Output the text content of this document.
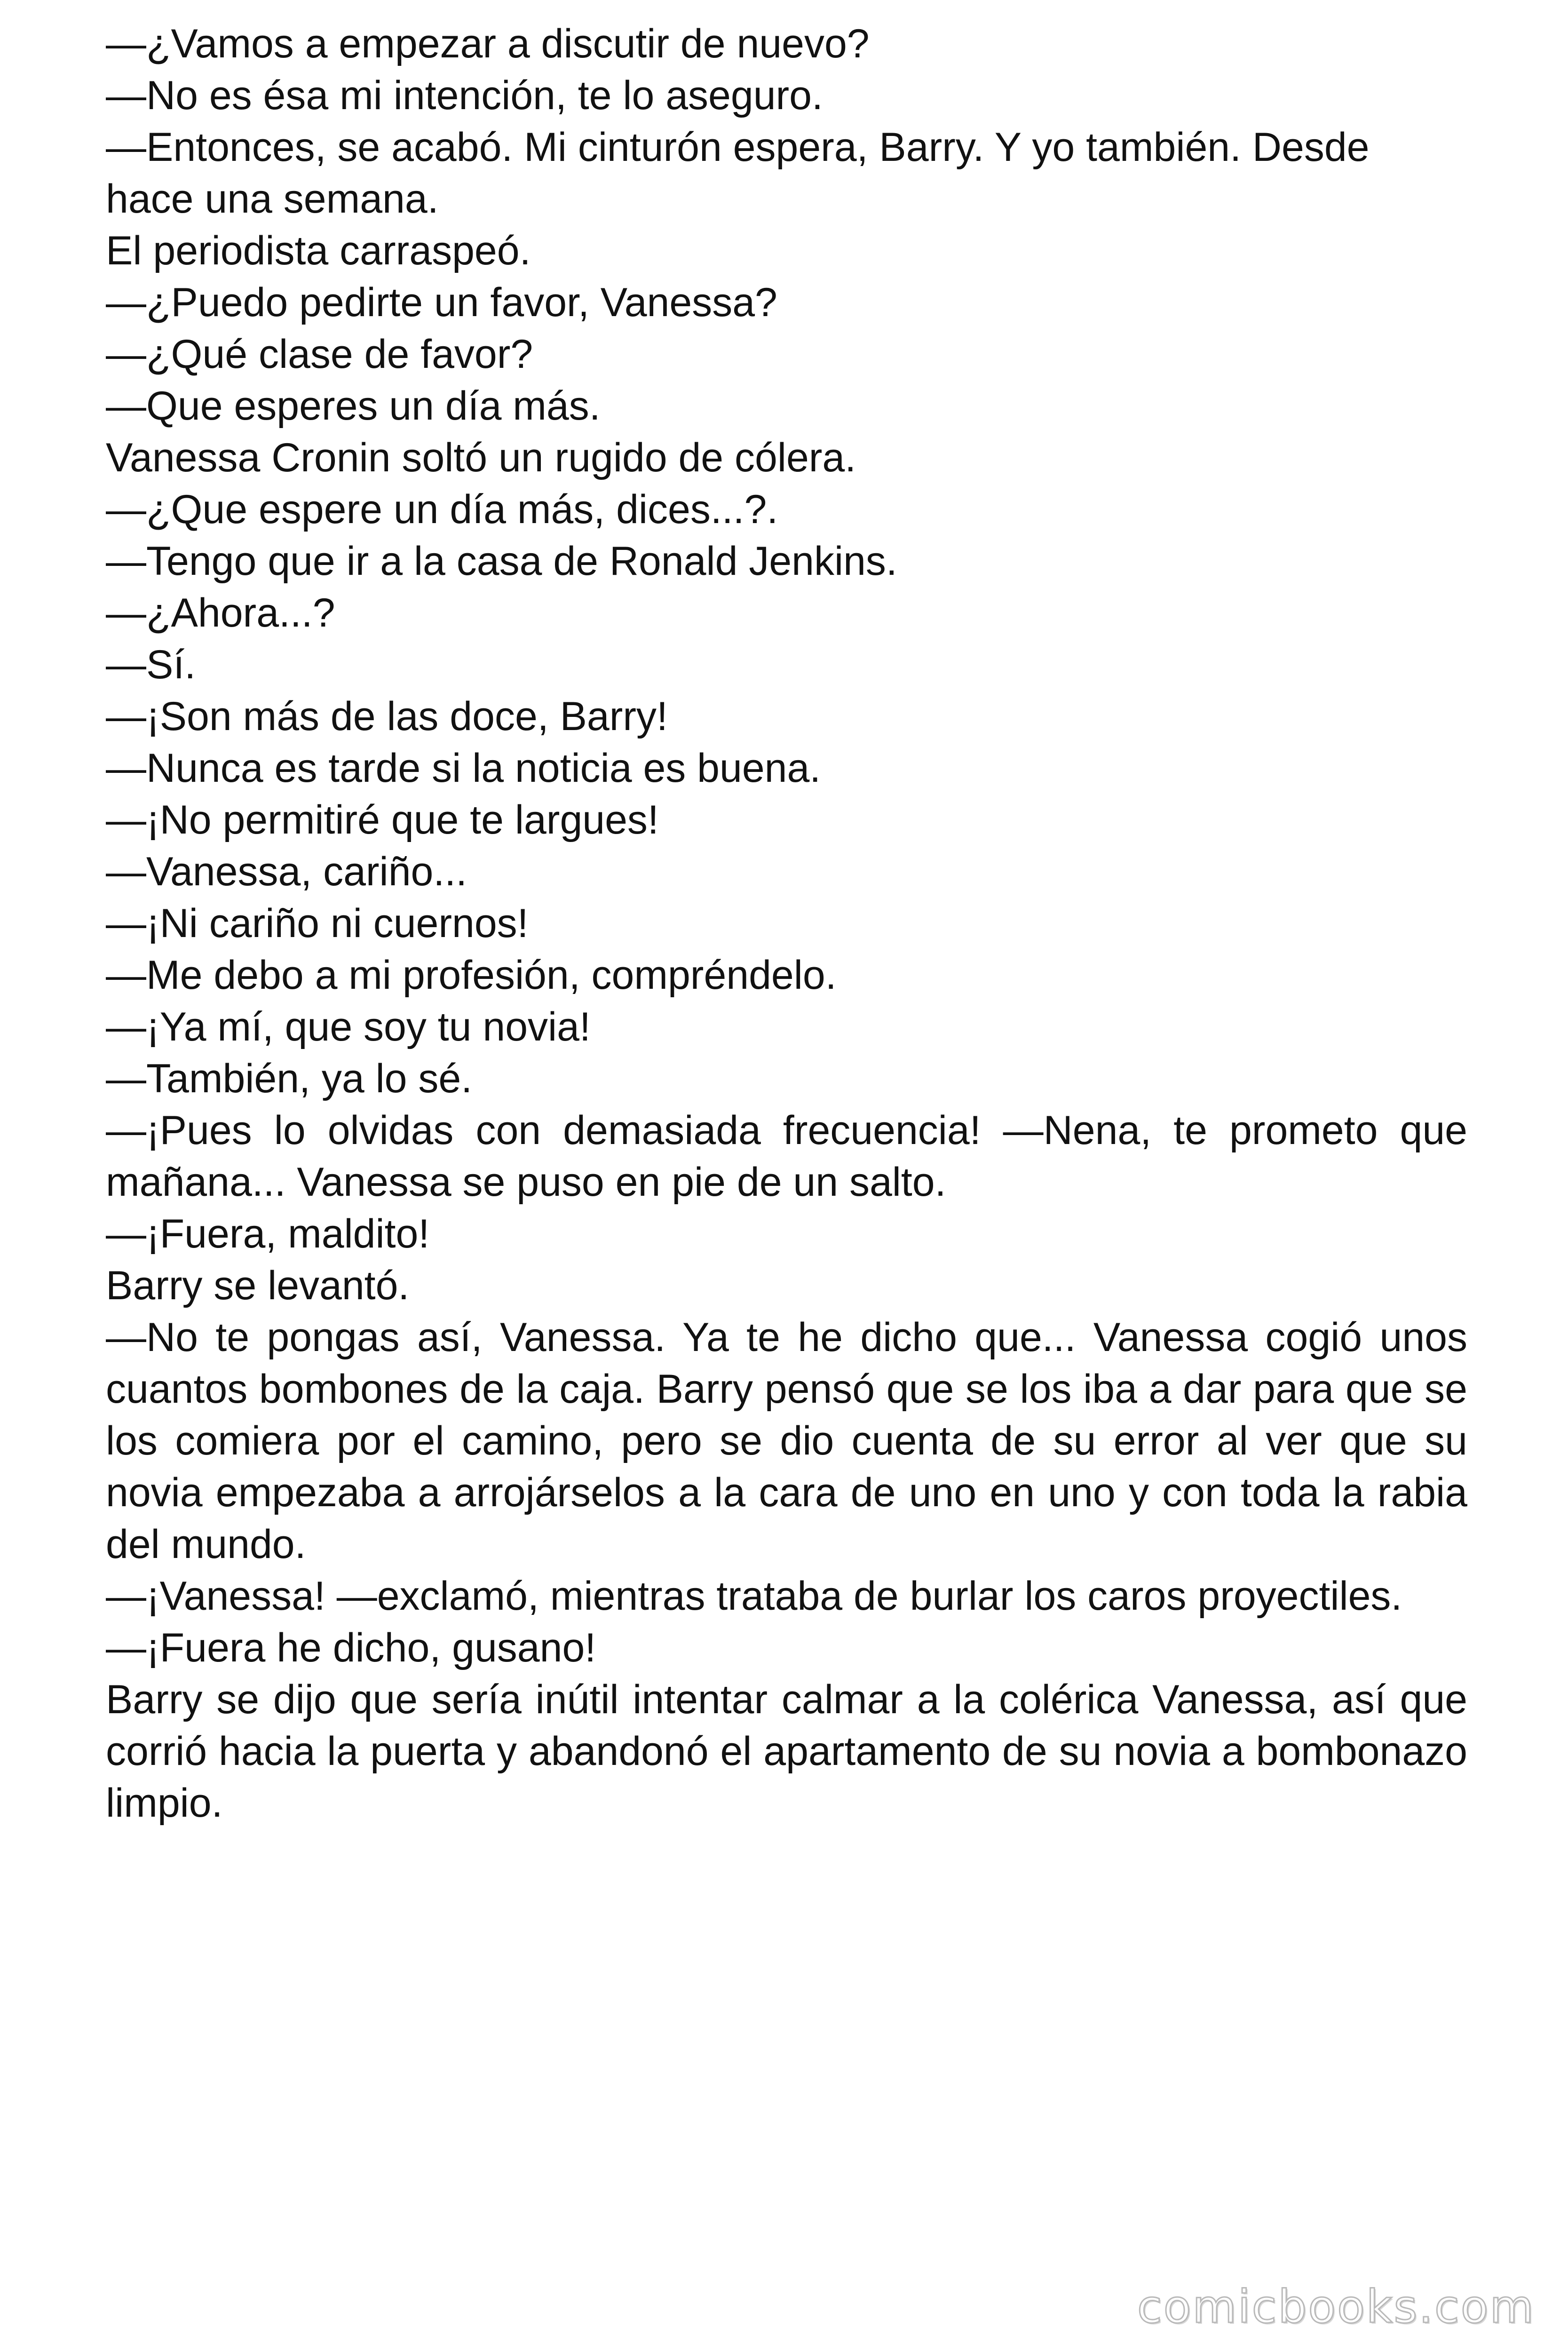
—¿Vamos a empezar a discutir de nuevo?

—No es ésa mi intención, te lo aseguro.

—Entonces, se acabó. Mi cinturón espera, Barry. Y yo también. Desde hace una semana.

El periodista carraspeó.

—¿Puedo pedirte un favor, Vanessa?

—¿Qué clase de favor?

—Que esperes un día más.

Vanessa Cronin soltó un rugido de cólera.

—¿Que espere un día más, dices...?.

—Tengo que ir a la casa de Ronald Jenkins.

—¿Ahora...?

—Sí.

—¡Son más de las doce, Barry!

—Nunca es tarde si la noticia es buena.

—¡No permitiré que te largues!

—Vanessa, cariño...

—¡Ni cariño ni cuernos!

—Me debo a mi profesión, compréndelo.

—¡Ya mí, que soy tu novia!

—También, ya lo sé.

—¡Pues lo olvidas con demasiada frecuencia! —Nena, te prometo que mañana... Vanessa se puso en pie de un salto.

—¡Fuera, maldito!

Barry se levantó.

—No te pongas así, Vanessa. Ya te he dicho que... Vanessa cogió unos cuantos bombones de la caja. Barry pensó que se los iba a dar para que se los comiera por el camino, pero se dio cuenta de su error al ver que su novia empezaba a arrojárselos a la cara de uno en uno y con toda la rabia del mundo.

—¡Vanessa! —exclamó, mientras trataba de burlar los caros proyectiles.

—¡Fuera he dicho, gusano!

Barry se dijo que sería inútil intentar calmar a la colérica Vanessa, así que corrió hacia la puerta y abandonó el apartamento de su novia a bombonazo limpio.

comicbooks.com
